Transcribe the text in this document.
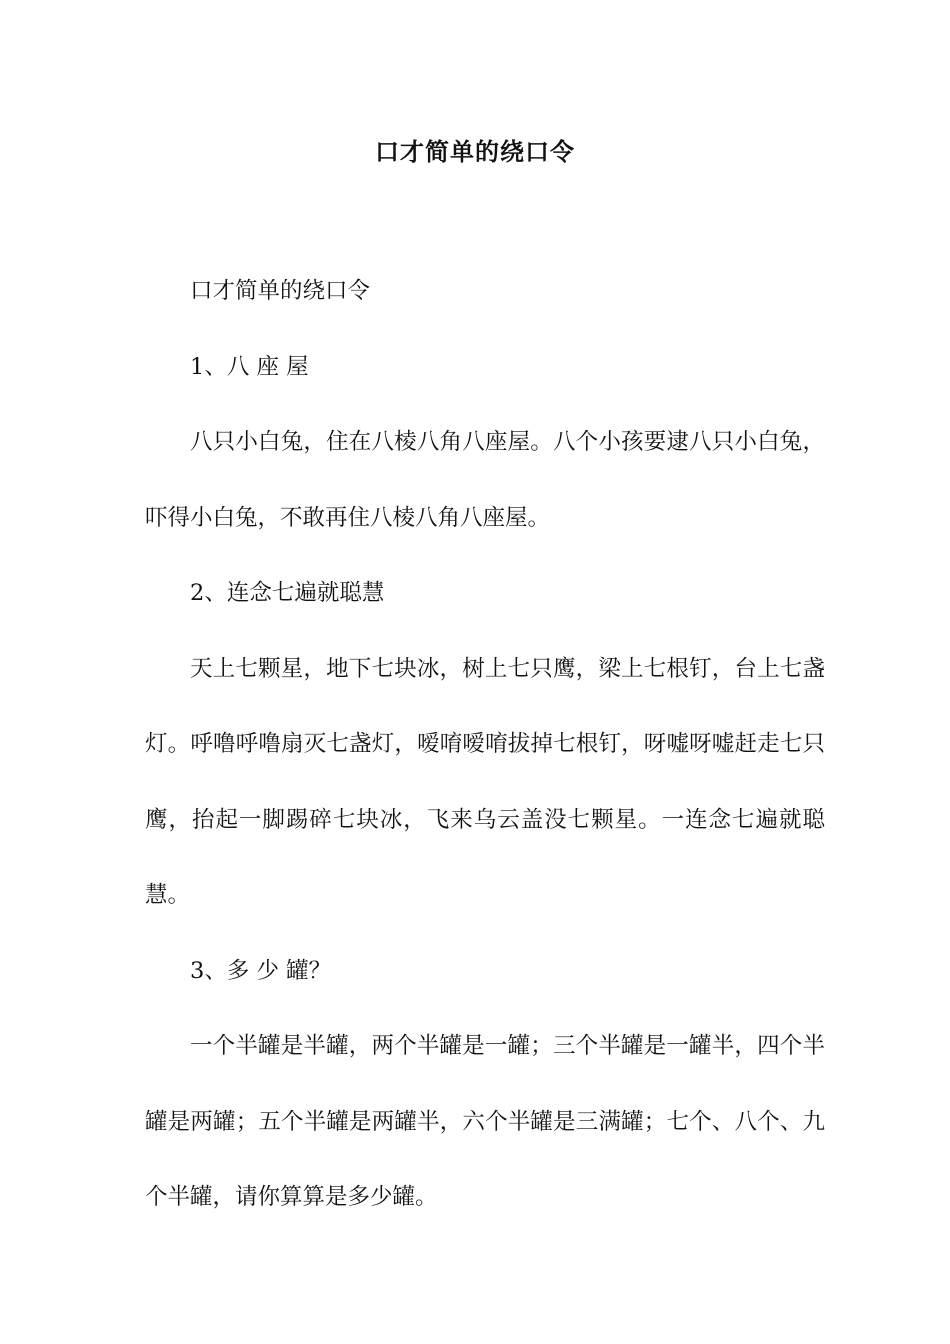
口才简单的绕口令

口才简单的绕口令

1、八 座 屋

八只小白兔，住在八棱八角八座屋。八个小孩要逮八只小白兔，吓得小白兔，不敢再住八棱八角八座屋。

2、连念七遍就聪慧

天上七颗星，地下七块冰，树上七只鹰，梁上七根钉，台上七盏灯。呼噜呼噜扇灭七盏灯，嗳唷嗳唷拔掉七根钉，呀嘘呀嘘赶走七只鹰，抬起一脚踢碎七块冰，飞来乌云盖没七颗星。一连念七遍就聪慧。

3、多 少 罐？

一个半罐是半罐，两个半罐是一罐；三个半罐是一罐半，四个半罐是两罐；五个半罐是两罐半，六个半罐是三满罐；七个、八个、九个半罐，请你算算是多少罐。
